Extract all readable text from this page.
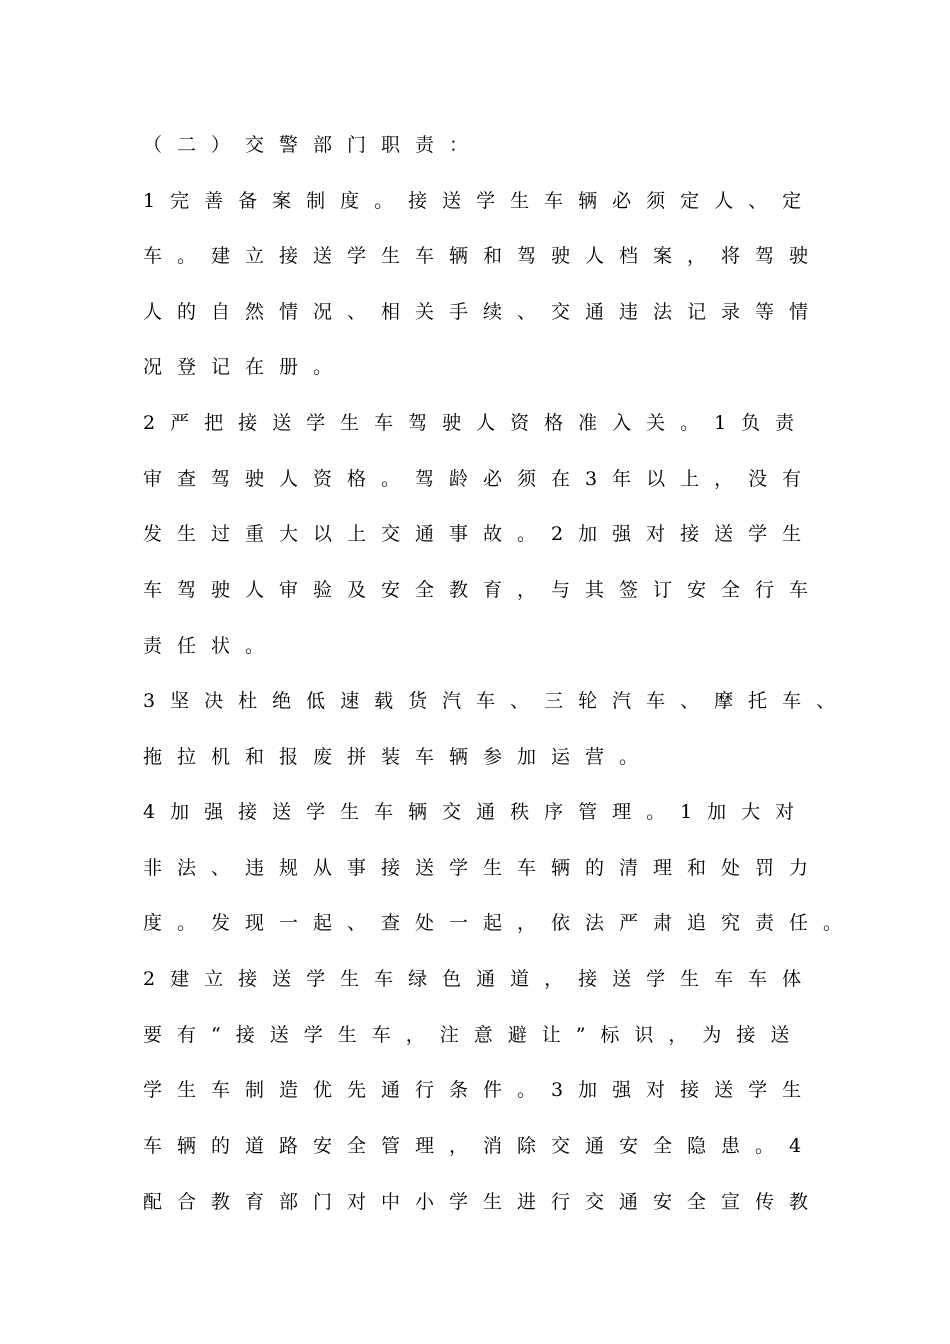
（二）交警部门职责：
1完善备案制度。接送学生车辆必须定人、定
车。建立接送学生车辆和驾驶人档案，将驾驶
人的自然情况、相关手续、交通违法记录等情
况登记在册。
2严把接送学生车驾驶人资格准入关。1负责
审查驾驶人资格。驾龄必须在3年以上，没有
发生过重大以上交通事故。2加强对接送学生
车驾驶人审验及安全教育，与其签订安全行车
责任状。
3坚决杜绝低速载货汽车、三轮汽车、摩托车、
拖拉机和报废拼装车辆参加运营。
4加强接送学生车辆交通秩序管理。1加大对
非法、违规从事接送学生车辆的清理和处罚力
度。发现一起、查处一起，依法严肃追究责任。
2建立接送学生车绿色通道，接送学生车车体
要有“接送学生车，注意避让”标识，为接送
学生车制造优先通行条件。3加强对接送学生
车辆的道路安全管理，消除交通安全隐患。4
配合教育部门对中小学生进行交通安全宣传教
